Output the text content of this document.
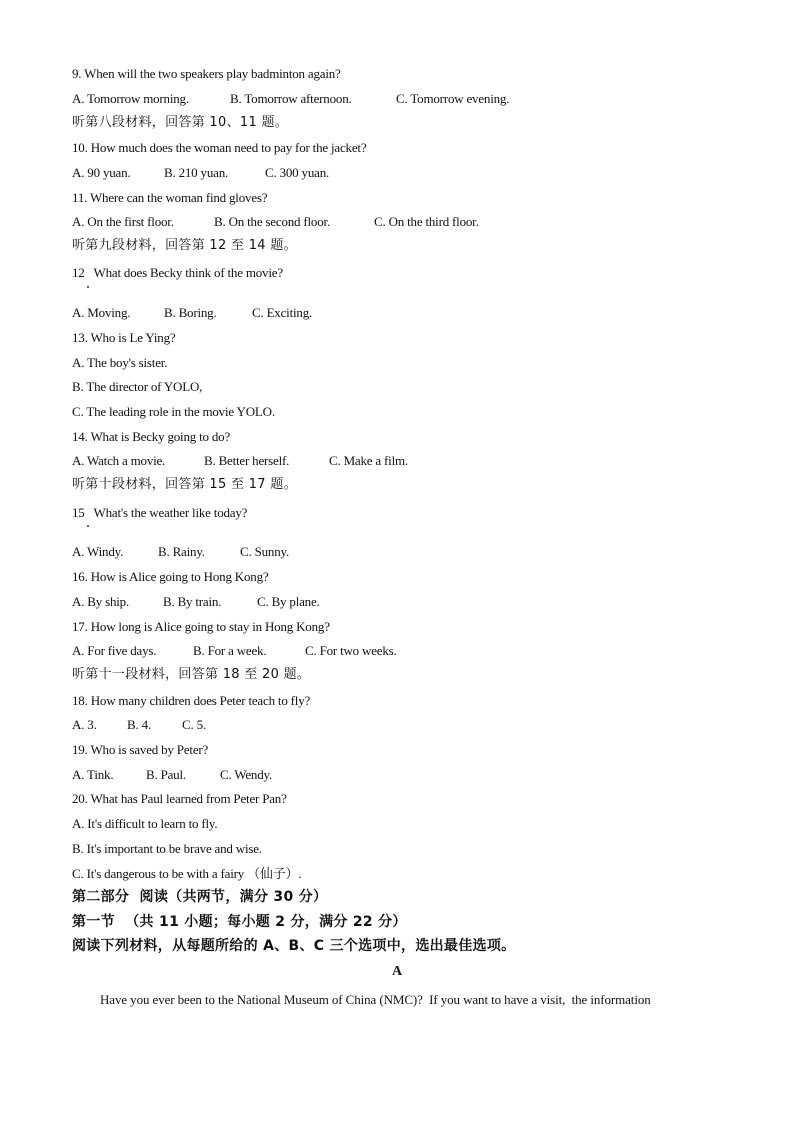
9. When will the two speakers play badminton again?
A. Tomorrow morning.	B. Tomorrow afternoon.	C. Tomorrow evening.
听第八段材料，回答第 10、11 题。
10. How much does the woman need to pay for the jacket?
A. 90 yuan.	B. 210 yuan.	C. 300 yuan.
11. Where can the woman find gloves?
A. On the first floor.	B. On the second floor.	C. On the third floor.
听第九段材料，回答第 12 至 14 题。
12   What does Becky think of the movie?
A. Moving.	B. Boring.	C. Exciting.
13. Who is Le Ying?
A. The boy's sister.
B. The director of YOLO,
C. The leading role in the movie YOLO.
14. What is Becky going to do?
A. Watch a movie.	B. Better herself.	C. Make a film.
听第十段材料，回答第 15 至 17 题。
15   What's the weather like today?
A. Windy.	B. Rainy.	C. Sunny.
16. How is Alice going to Hong Kong?
A. By ship.	B. By train.	C. By plane.
17. How long is Alice going to stay in Hong Kong?
A. For five days.	B. For a week.	C. For two weeks.
听第十一段材料，回答第 18 至 20 题。
18. How many children does Peter teach to fly?
A. 3. B. 4. C. 5.
19. Who is saved by Peter?
A. Tink.	B. Paul.	C. Wendy.
20. What has Paul learned from Peter Pan?
A. It's difficult to learn to fly.
B. It's important to be brave and wise.
C. It's dangerous to be with a fairy （仙子）.
第二部分  阅读（共两节，满分 30 分）
第一节  （共 11 小题；每小题 2 分，满分 22 分）
阅读下列材料，从每题所给的 A、B、C 三个选项中，选出最佳选项。
A
Have you ever been to the National Museum of China (NMC)?  If you want to have a visit,  the information
